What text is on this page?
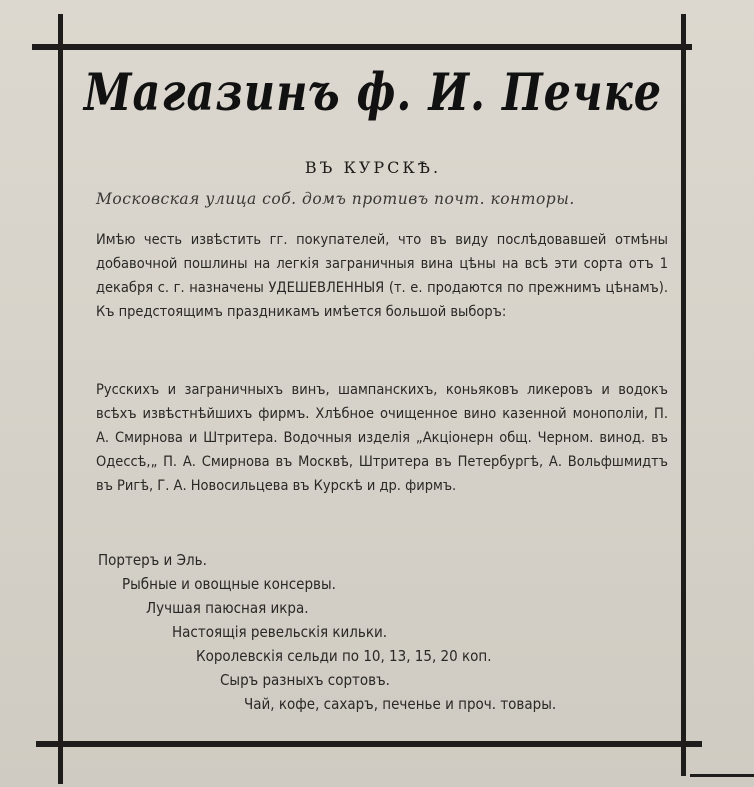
Магазинъ ф. И. Печке
ВЪ КУРСКѢ.
Московская улица соб. домъ противъ почт. конторы.
Имѣю честь извѣстить гг. покупателей, что въ виду послѣдовавшей отмѣны добавочной пошлины на легкія заграничныя вина цѣны на всѣ эти сорта отъ 1 декабря с. г. назначены УДЕШЕВЛЕННЫЯ (т. е. продаются по прежнимъ цѣнамъ). Къ предстоящимъ праздникамъ имѣется большой выборъ:
Русскихъ и заграничныхъ винъ, шампанскихъ, коньяковъ ликеровъ и водокъ всѣхъ извѣстнѣйшихъ фирмъ. Хлѣбное очищенное вино казенной монополіи, П. А. Смирнова и Штритера. Водочныя изделія „Акціонерн общ. Черном. винод. въ Одессѣ,„ П. А. Смирнова въ Москвѣ, Штритера въ Петербургѣ, А. Вольфшмидтъ въ Ригѣ, Г. А. Новосильцева въ Курскѣ и др. фирмъ.
Портеръ и Эль.
Рыбные и овощные консервы.
Лучшая паюсная икра.
Настоящія ревельскія кильки.
Королевскія сельди по 10, 13, 15, 20 коп.
Сыръ разныхъ сортовъ.
Чай, кофе, сахаръ, печенье и проч. товары.
